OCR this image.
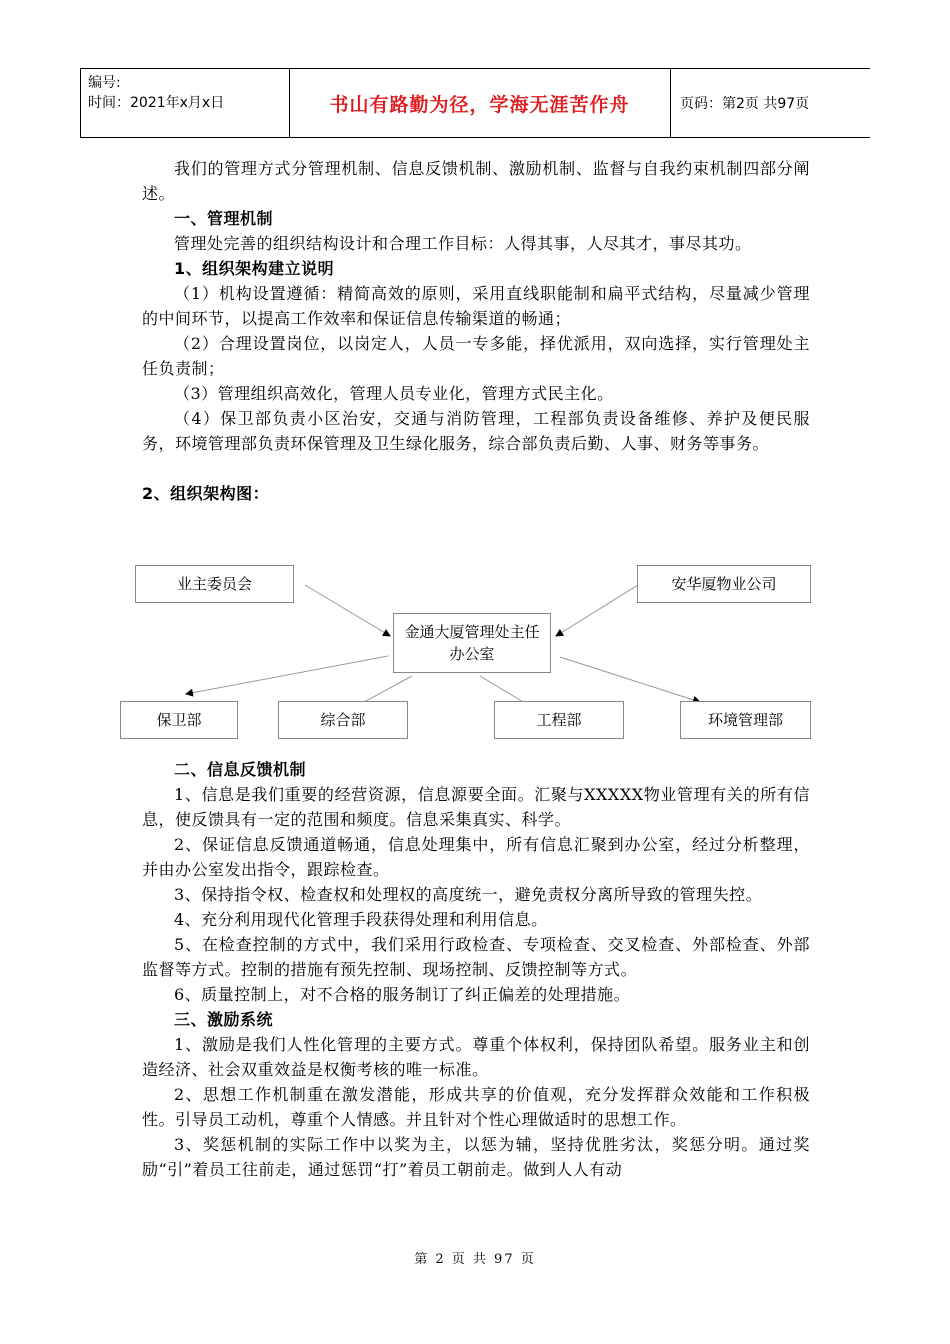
编号:
时间：2021年x月x日	书山有路勤为径，学海无涯苦作舟	页码：第2页 共97页

我们的管理方式分管理机制、信息反馈机制、激励机制、监督与自我约束机制四部分阐述。

一、管理机制

管理处完善的组织结构设计和合理工作目标：人得其事，人尽其才，事尽其功。

1、组织架构建立说明

（1）机构设置遵循：精简高效的原则，采用直线职能制和扁平式结构，尽量减少管理的中间环节，以提高工作效率和保证信息传输渠道的畅通；

（2）合理设置岗位，以岗定人，人员一专多能，择优派用，双向选择，实行管理处主任负责制；

（3）管理组织高效化，管理人员专业化，管理方式民主化。

（4）保卫部负责小区治安，交通与消防管理，工程部负责设备维修、养护及便民服务，环境管理部负责环保管理及卫生绿化服务，综合部负责后勤、人事、财务等事务。

2、组织架构图：

业主委员会	安华厦物业公司
金通大厦管理处主任办公室
保卫部	综合部	工程部	环境管理部

二、信息反馈机制

1、信息是我们重要的经营资源，信息源要全面。汇聚与XXXXX物业管理有关的所有信息，使反馈具有一定的范围和频度。信息采集真实、科学。

2、保证信息反馈通道畅通，信息处理集中，所有信息汇聚到办公室，经过分析整理，并由办公室发出指令，跟踪检查。

3、保持指令权、检查权和处理权的高度统一，避免责权分离所导致的管理失控。

4、充分利用现代化管理手段获得处理和利用信息。

5、在检查控制的方式中，我们采用行政检查、专项检查、交叉检查、外部检查、外部监督等方式。控制的措施有预先控制、现场控制、反馈控制等方式。

6、质量控制上，对不合格的服务制订了纠正偏差的处理措施。

三、激励系统

1、激励是我们人性化管理的主要方式。尊重个体权利，保持团队希望。服务业主和创造经济、社会双重效益是权衡考核的唯一标准。

2、思想工作机制重在激发潜能，形成共享的价值观，充分发挥群众效能和工作积极性。引导员工动机，尊重个人情感。并且针对个性心理做适时的思想工作。

3、奖惩机制的实际工作中以奖为主，以惩为辅，坚持优胜劣汰，奖惩分明。通过奖励“引”着员工往前走，通过惩罚“打”着员工朝前走。做到人人有动

第 2 页 共 97 页
